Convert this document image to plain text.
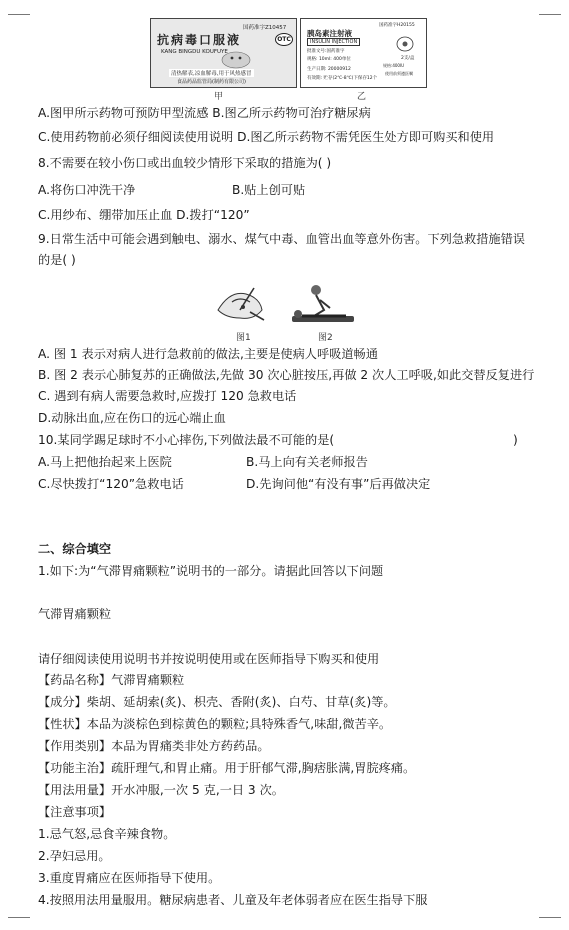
国药准字Z10457
抗病毒口服液	OTC
KANG BINGDU KOUFUYE
清热解表,凉血解毒,用于风热感冒
食品药品监管局(制药有限公司)
国药准字H20155
胰岛素注射液
INSULIN INJECTION
批准文号:国药准字
规格: 10ml: 400单位
生产日期: 20000912
有效期: 贮存(2℃-8℃)下保存12个
2支/盒
规格:400IU
使用前须遵医嘱
甲	乙
A.图甲所示药物可预防甲型流感 B.图乙所示药物可治疗糖尿病
C.使用药物前必须仔细阅读使用说明 D.图乙所示药物不需凭医生处方即可购买和使用
8.不需要在较小伤口或出血较少情形下采取的措施为( )
A.将伤口冲洗干净	B.贴上创可贴
C.用纱布、绷带加压止血 D.拨打“120”
9.日常生活中可能会遇到触电、溺水、煤气中毒、血管出血等意外伤害。下列急救措施错误
的是( )
图1	图2
A. 图 1 表示对病人进行急救前的做法,主要是使病人呼吸道畅通
B. 图 2 表示心肺复苏的正确做法,先做 30 次心脏按压,再做 2 次人工呼吸,如此交替反复进行
C. 遇到有病人需要急救时,应拨打 120 急救电话
D.动脉出血,应在伤口的远心端止血
10.某同学踢足球时不小心摔伤,下列做法最不可能的是(	)
A.马上把他抬起来上医院	B.马上向有关老师报告
C.尽快拨打“120”急救电话	D.先询问他“有没有事”后再做决定
二、综合填空
1.如下:为“气滞胃痛颗粒”说明书的一部分。请据此回答以下问题
气滞胃痛颗粒
请仔细阅读使用说明书并按说明使用或在医师指导下购买和使用
【药品名称】气滞胃痛颗粒
【成分】柴胡、延胡索(炙)、枳壳、香附(炙)、白芍、甘草(炙)等。
【性状】本品为淡棕色到棕黄色的颗粒;具特殊香气,味甜,微苦辛。
【作用类别】本品为胃痛类非处方药药品。
【功能主治】疏肝理气,和胃止痛。用于肝郁气滞,胸痞胀满,胃脘疼痛。
【用法用量】开水冲服,一次 5 克,一日 3 次。
【注意事项】
1.忌气怒,忌食辛辣食物。
2.孕妇忌用。
3.重度胃痛应在医师指导下使用。
4.按照用法用量服用。糖尿病患者、儿童及年老体弱者应在医生指导下服
